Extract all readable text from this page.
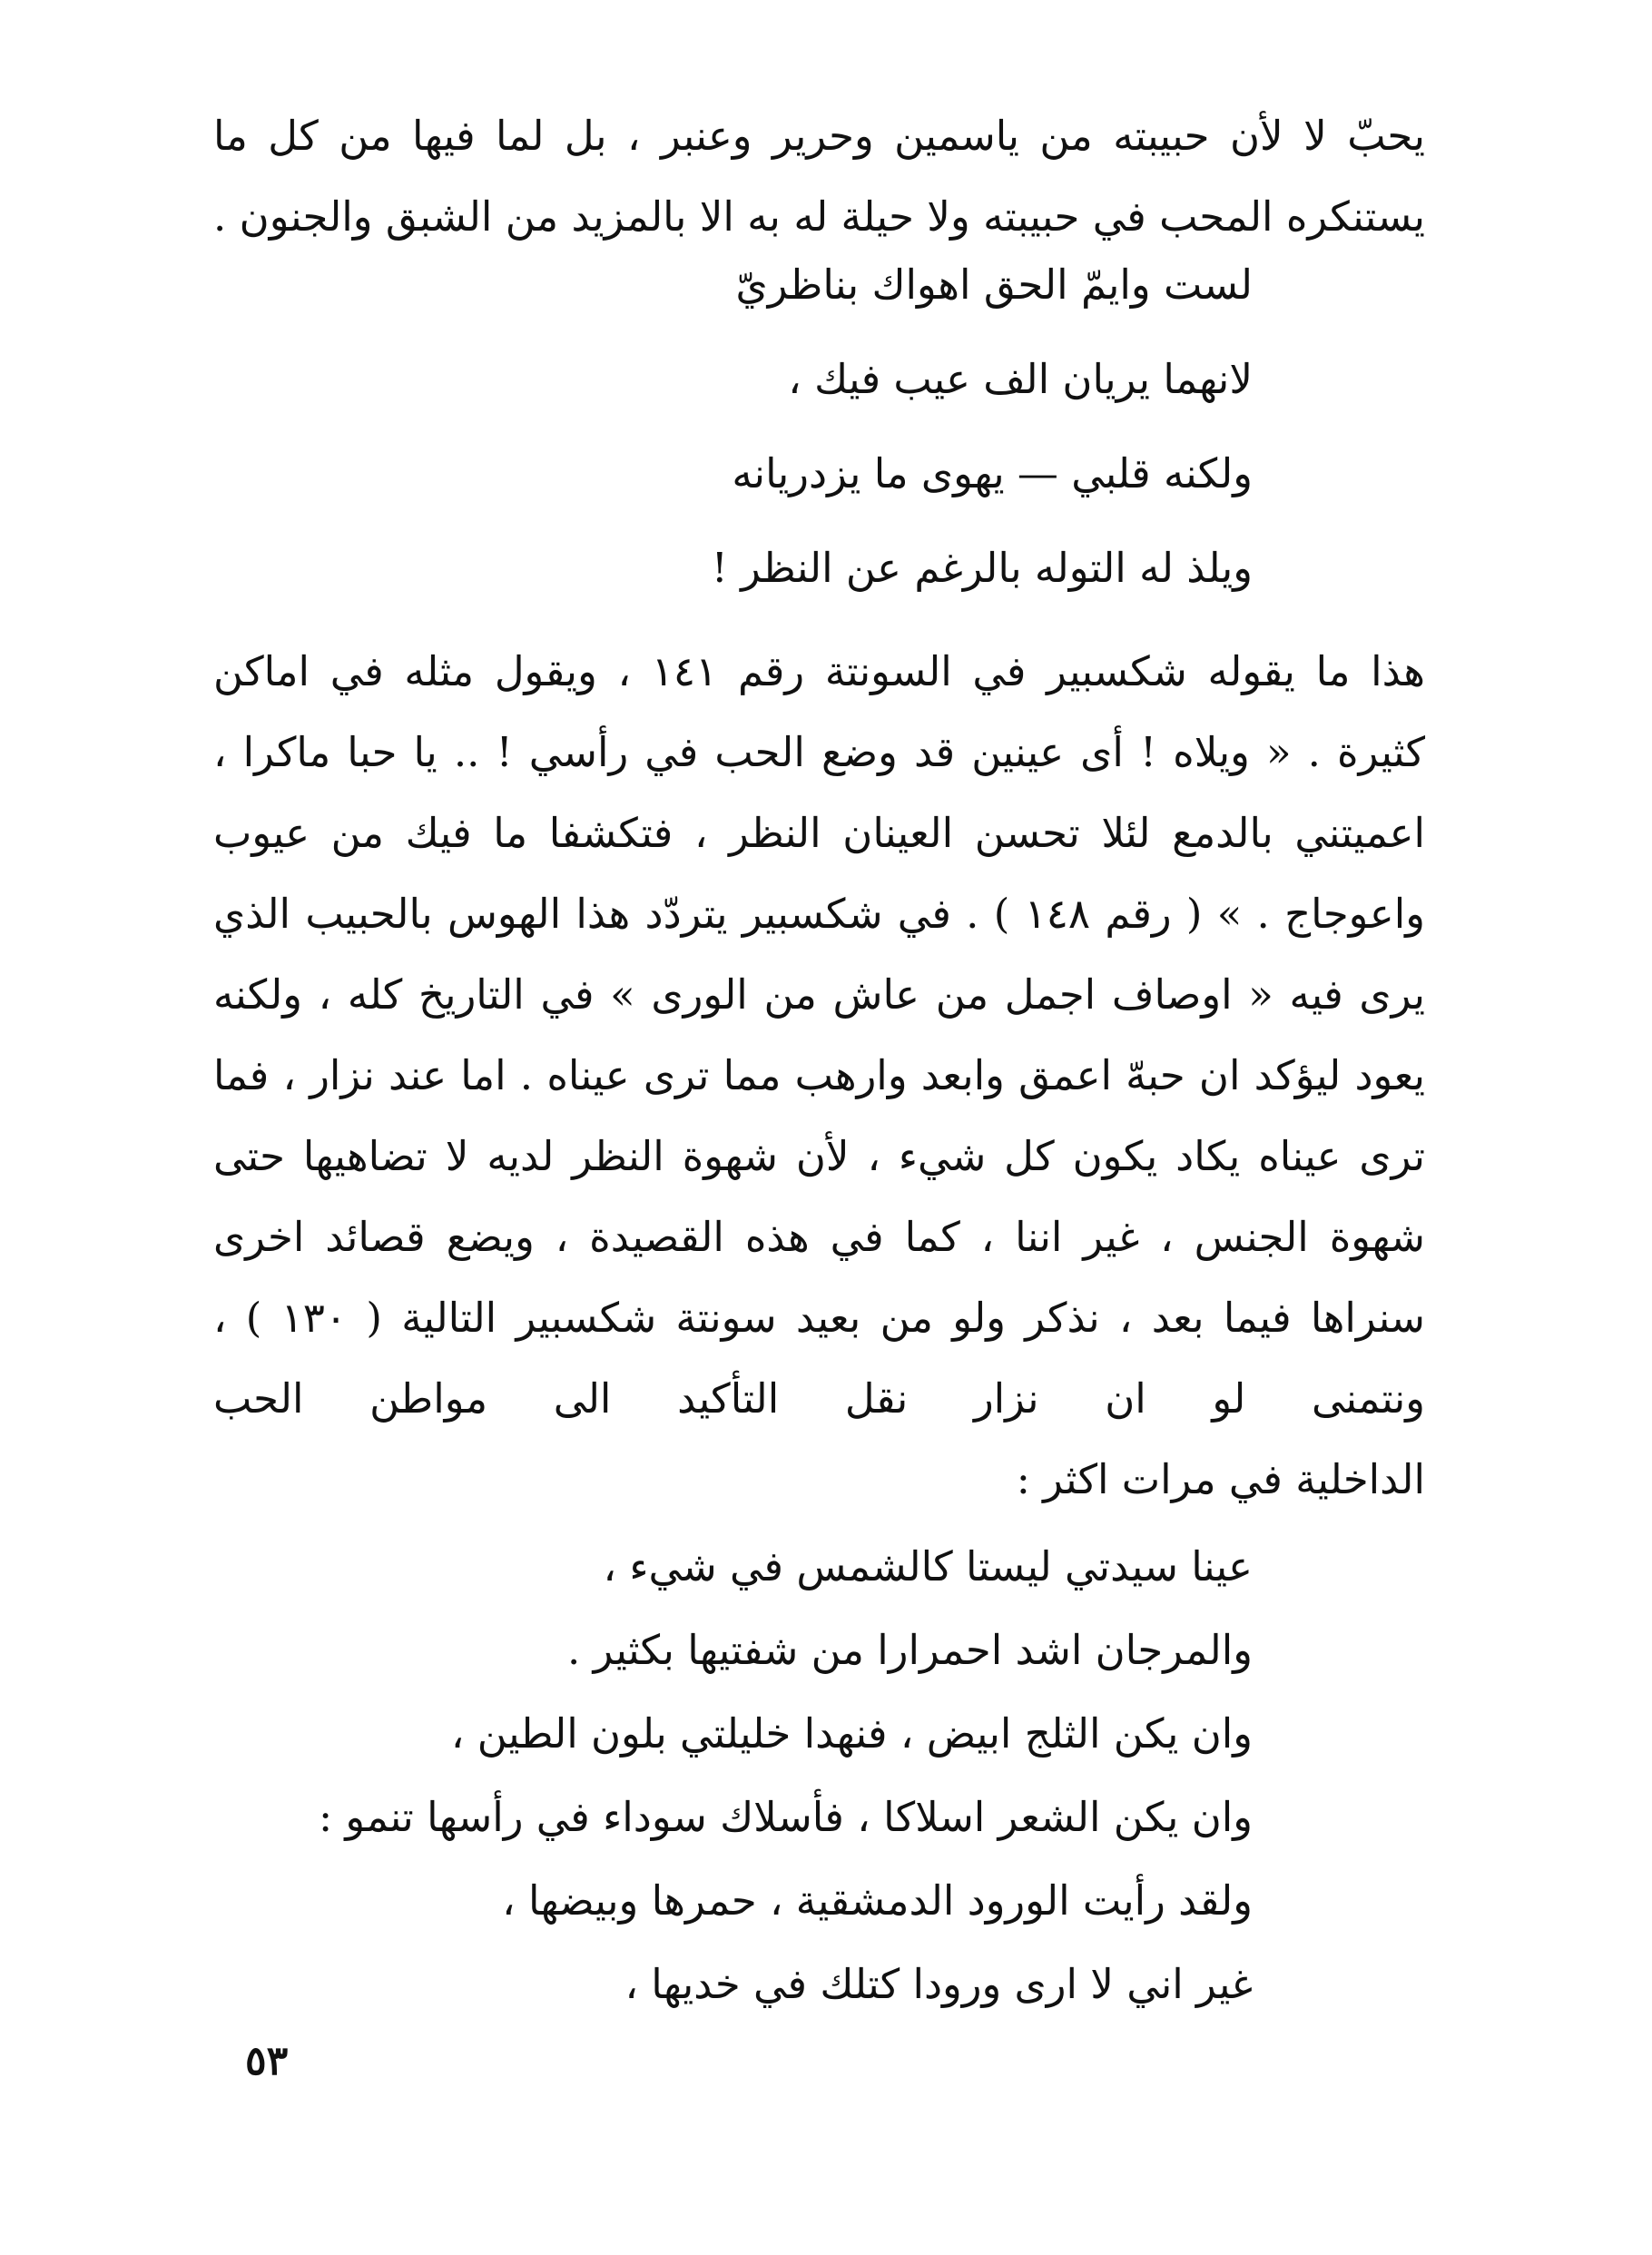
يحبّ لا لأن حبيبته من ياسمين وحرير وعنبر ، بل لما فيها من كل ما يستنكره المحب في حبيبته ولا حيلة له به الا بالمزيد من الشبق والجنون .
لست وايمّ الحق اهواك بناظريّ
لانهما يريان الف عيب فيك ،
ولكنه قلبي — يهوى ما يزدريانه
ويلذ له التوله بالرغم عن النظر !
هذا ما يقوله شكسبير في السونتة رقم ١٤١ ، ويقول مثله في اماكن كثيرة . « ويلاه ! أى عينين قد وضع الحب في رأسي ! .. يا حبا ماكرا ، اعميتني بالدمع لئلا تحسن العينان النظر ، فتكشفا ما فيك من عيوب واعوجاج . » ( رقم ١٤٨ ) . في شكسبير يتردّد هذا الهوس بالحبيب الذي يرى فيه « اوصاف اجمل من عاش من الورى » في التاريخ كله ، ولكنه يعود ليؤكد ان حبهّ اعمق وابعد وارهب مما ترى عيناه . اما عند نزار ، فما ترى عيناه يكاد يكون كل شيء ، لأن شهوة النظر لديه لا تضاهيها حتى شهوة الجنس ، غير اننا ، كما في هذه القصيدة ، ويضع قصائد اخرى سنراها فيما بعد ، نذكر ولو من بعيد سونتة شكسبير التالية ( ١٣٠ ) ، ونتمنى لو ان نزار نقل التأكيد الى مواطن الحب
الداخلية في مرات اكثر :
عينا سيدتي ليستا كالشمس في شيء ،
والمرجان اشد احمرارا من شفتيها بكثير .
وان يكن الثلج ابيض ، فنهدا خليلتي بلون الطين ،
وان يكن الشعر اسلاكا ، فأسلاك سوداء في رأسها تنمو :
ولقد رأيت الورود الدمشقية ، حمرها وبيضها ،
غير اني لا ارى ورودا كتلك في خديها ،
٥٣
